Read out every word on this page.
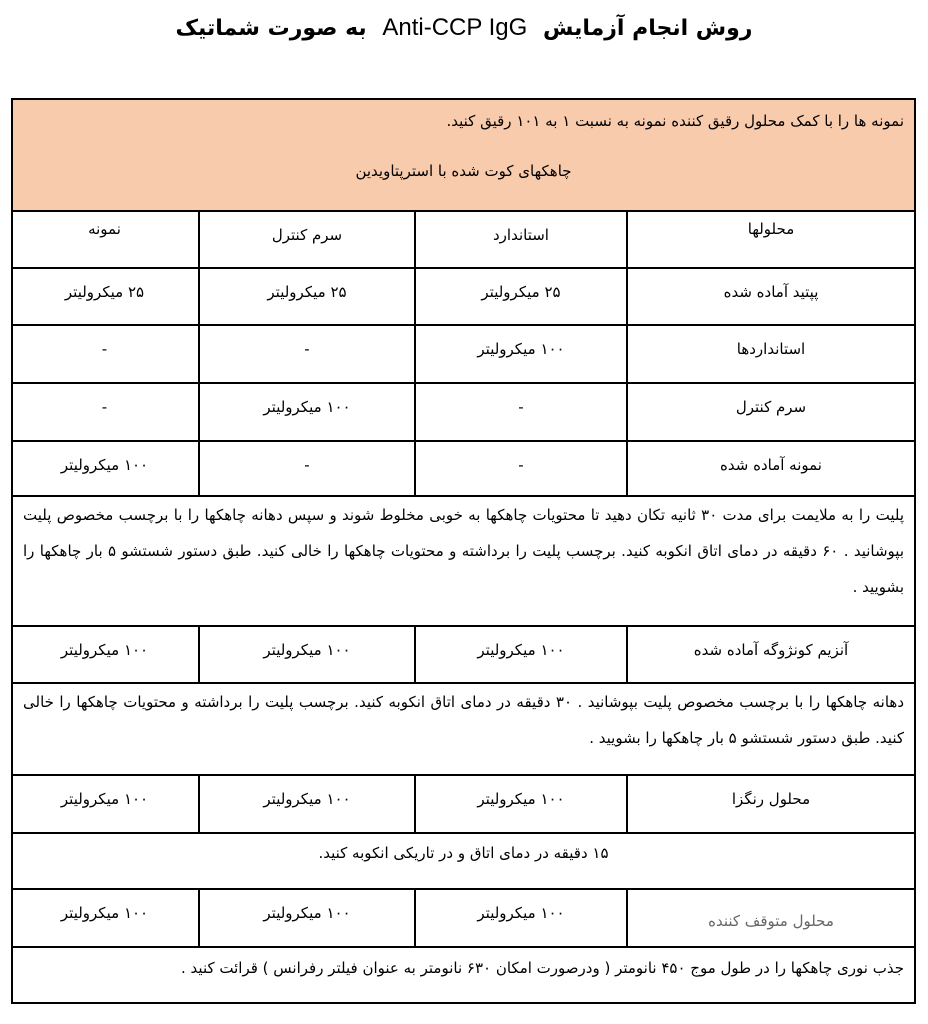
روش انجام آزمایش Anti-CCP IgG به صورت شماتیک
نمونه ها را با کمک محلول رقیق کننده نمونه به نسبت ۱ به ۱۰۱ رقیق کنید.
چاهکهای کوت شده با استرپتاویدین
محلولها
استاندارد
سرم کنترل
نمونه
پپتید آماده شده
۲۵ میکرولیتر
۲۵ میکرولیتر
۲۵ میکرولیتر
استانداردها
۱۰۰ میکرولیتر
-
-
سرم کنترل
-
۱۰۰ میکرولیتر
-
نمونه آماده شده
-
-
۱۰۰ میکرولیتر
پلیت را به ملایمت برای مدت ۳۰ ثانیه تکان دهید تا محتویات چاهکها به خوبی مخلوط شوند و سپس دهانه چاهکها را با برچسب مخصوص پلیت بپوشانید . ۶۰ دقیقه در دمای اتاق انکوبه کنید. برچسب پلیت را برداشته و محتویات چاهکها را خالی کنید. طبق دستور شستشو ۵ بار چاهکها را بشویید .
آنزیم کونژوگه آماده شده
۱۰۰ میکرولیتر
۱۰۰ میکرولیتر
۱۰۰ میکرولیتر
دهانه چاهکها را با برچسب مخصوص پلیت بپوشانید . ۳۰ دقیقه در دمای اتاق انکوبه کنید. برچسب پلیت را برداشته و محتویات چاهکها را خالی کنید. طبق دستور شستشو ۵ بار چاهکها را بشویید .
محلول رنگزا
۱۰۰ میکرولیتر
۱۰۰ میکرولیتر
۱۰۰ میکرولیتر
۱۵ دقیقه در دمای اتاق و در تاریکی انکوبه کنید.
محلول متوقف کننده
۱۰۰ میکرولیتر
۱۰۰ میکرولیتر
۱۰۰ میکرولیتر
جذب نوری چاهکها را در طول موج ۴۵۰ نانومتر ( ودرصورت امکان ۶۳۰ نانومتر به عنوان فیلتر رفرانس ) قرائت کنید .
